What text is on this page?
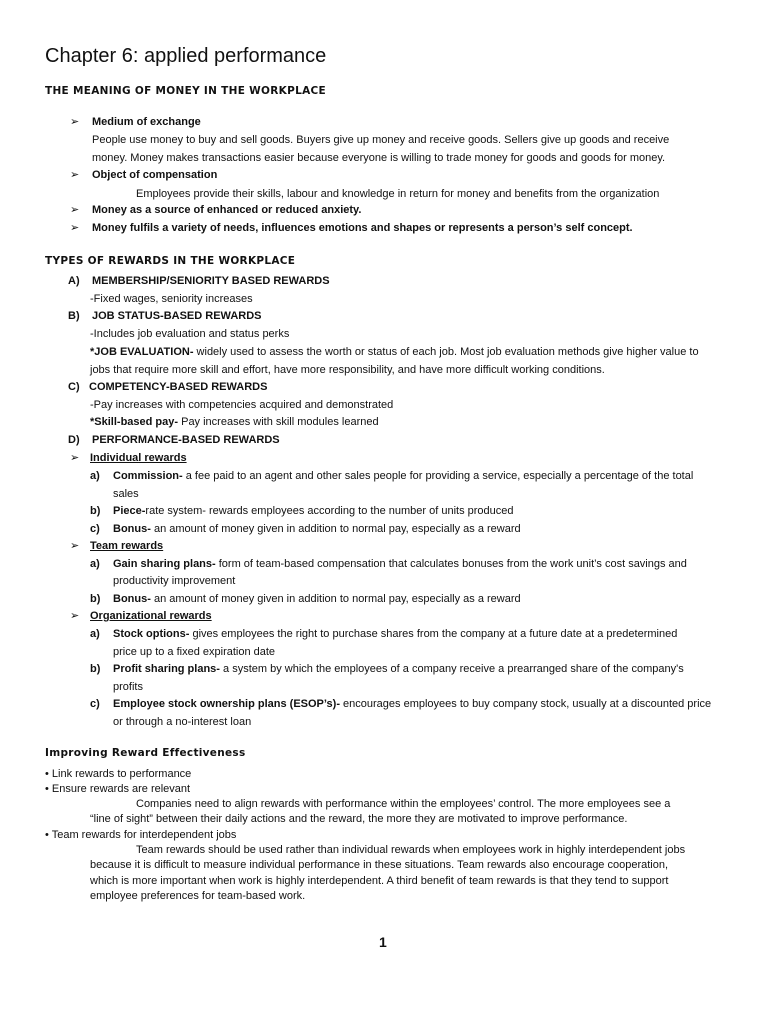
Chapter 6: applied performance
THE MEANING OF MONEY IN THE WORKPLACE
➢ Medium of exchange
People use money to buy and sell goods. Buyers give up money and receive goods. Sellers give up goods and receive
money. Money makes transactions easier because everyone is willing to trade money for goods and goods for money.
➢ Object of compensation
Employees provide their skills, labour and knowledge in return for money and benefits from the organization
➢ Money as a source of enhanced or reduced anxiety.
➢ Money fulfils a variety of needs, influences emotions and shapes or represents a person’s self concept.
TYPES OF REWARDS IN THE WORKPLACE
A) MEMBERSHIP/SENIORITY BASED REWARDS
-Fixed wages, seniority increases
B) JOB STATUS-BASED REWARDS
-Includes job evaluation and status perks
*JOB EVALUATION- widely used to assess the worth or status of each job. Most job evaluation methods give higher value to
jobs that require more skill and effort, have more responsibility, and have more difficult working conditions.
C) COMPETENCY-BASED REWARDS
-Pay increases with competencies acquired and demonstrated
*Skill-based pay- Pay increases with skill modules learned
D) PERFORMANCE-BASED REWARDS
➢ Individual rewards
a) Commission- a fee paid to an agent and other sales people for providing a service, especially a percentage of the total
sales
b) Piece-rate system- rewards employees according to the number of units produced
c) Bonus- an amount of money given in addition to normal pay, especially as a reward
➢ Team rewards
a) Gain sharing plans- form of team-based compensation that calculates bonuses from the work unit’s cost savings and
productivity improvement
b) Bonus- an amount of money given in addition to normal pay, especially as a reward
➢ Organizational rewards
a) Stock options- gives employees the right to purchase shares from the company at a future date at a predetermined
price up to a fixed expiration date
b) Profit sharing plans- a system by which the employees of a company receive a prearranged share of the company's
profits
c) Employee stock ownership plans (ESOP’s)- encourages employees to buy company stock, usually at a discounted price
or through a no-interest loan
Improving Reward Effectiveness
• Link rewards to performance
• Ensure rewards are relevant
Companies need to align rewards with performance within the employees’ control. The more employees see a
“line of sight” between their daily actions and the reward, the more they are motivated to improve performance.
• Team rewards for interdependent jobs
Team rewards should be used rather than individual rewards when employees work in highly interdependent jobs
because it is difficult to measure individual performance in these situations. Team rewards also encourage cooperation,
which is more important when work is highly interdependent. A third benefit of team rewards is that they tend to support
employee preferences for team-based work.
1
